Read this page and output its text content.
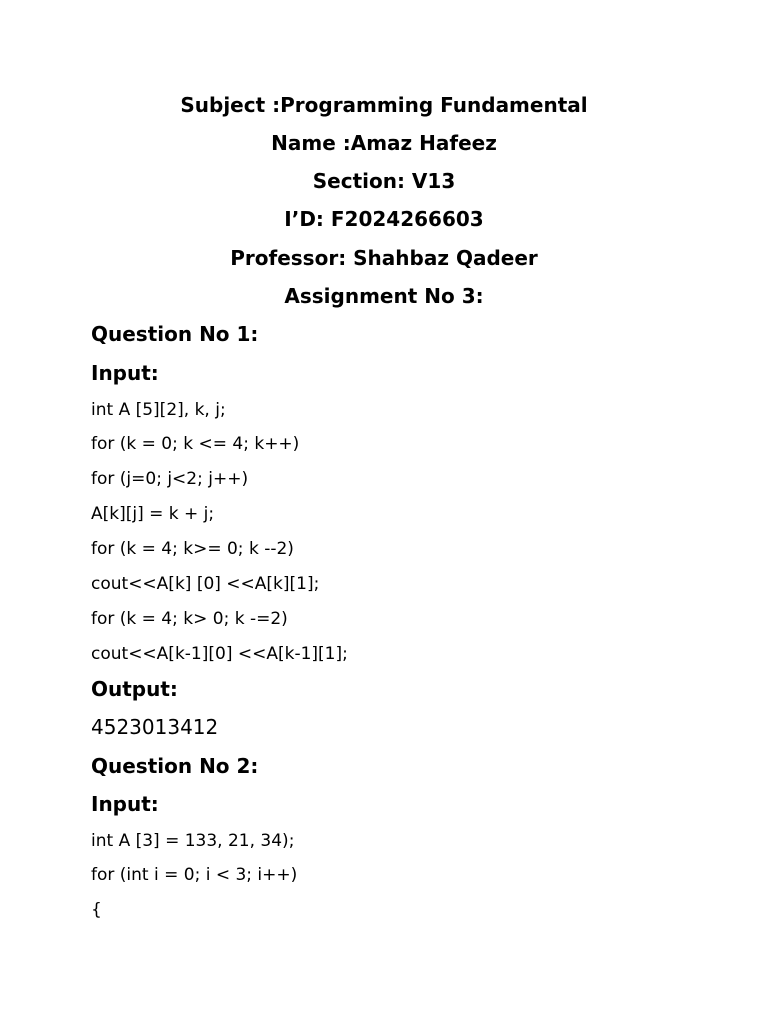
Subject :Programming Fundamental
Name :Amaz Hafeez
Section: V13
I’D: F2024266603
Professor: Shahbaz Qadeer
Assignment No 3:
Question No 1:
Input:
int A [5][2], k, j;
for (k = 0; k <= 4; k++)
for (j=0; j<2; j++)
A[k][j] = k + j;
for (k = 4; k>= 0; k --2)
cout<<A[k] [0] <<A[k][1];
for (k = 4; k> 0; k -=2)
cout<<A[k-1][0] <<A[k-1][1];
Output:
4523013412
Question No 2:
Input:
int A [3] = 133, 21, 34);
for (int i = 0; i < 3; i++)
{
